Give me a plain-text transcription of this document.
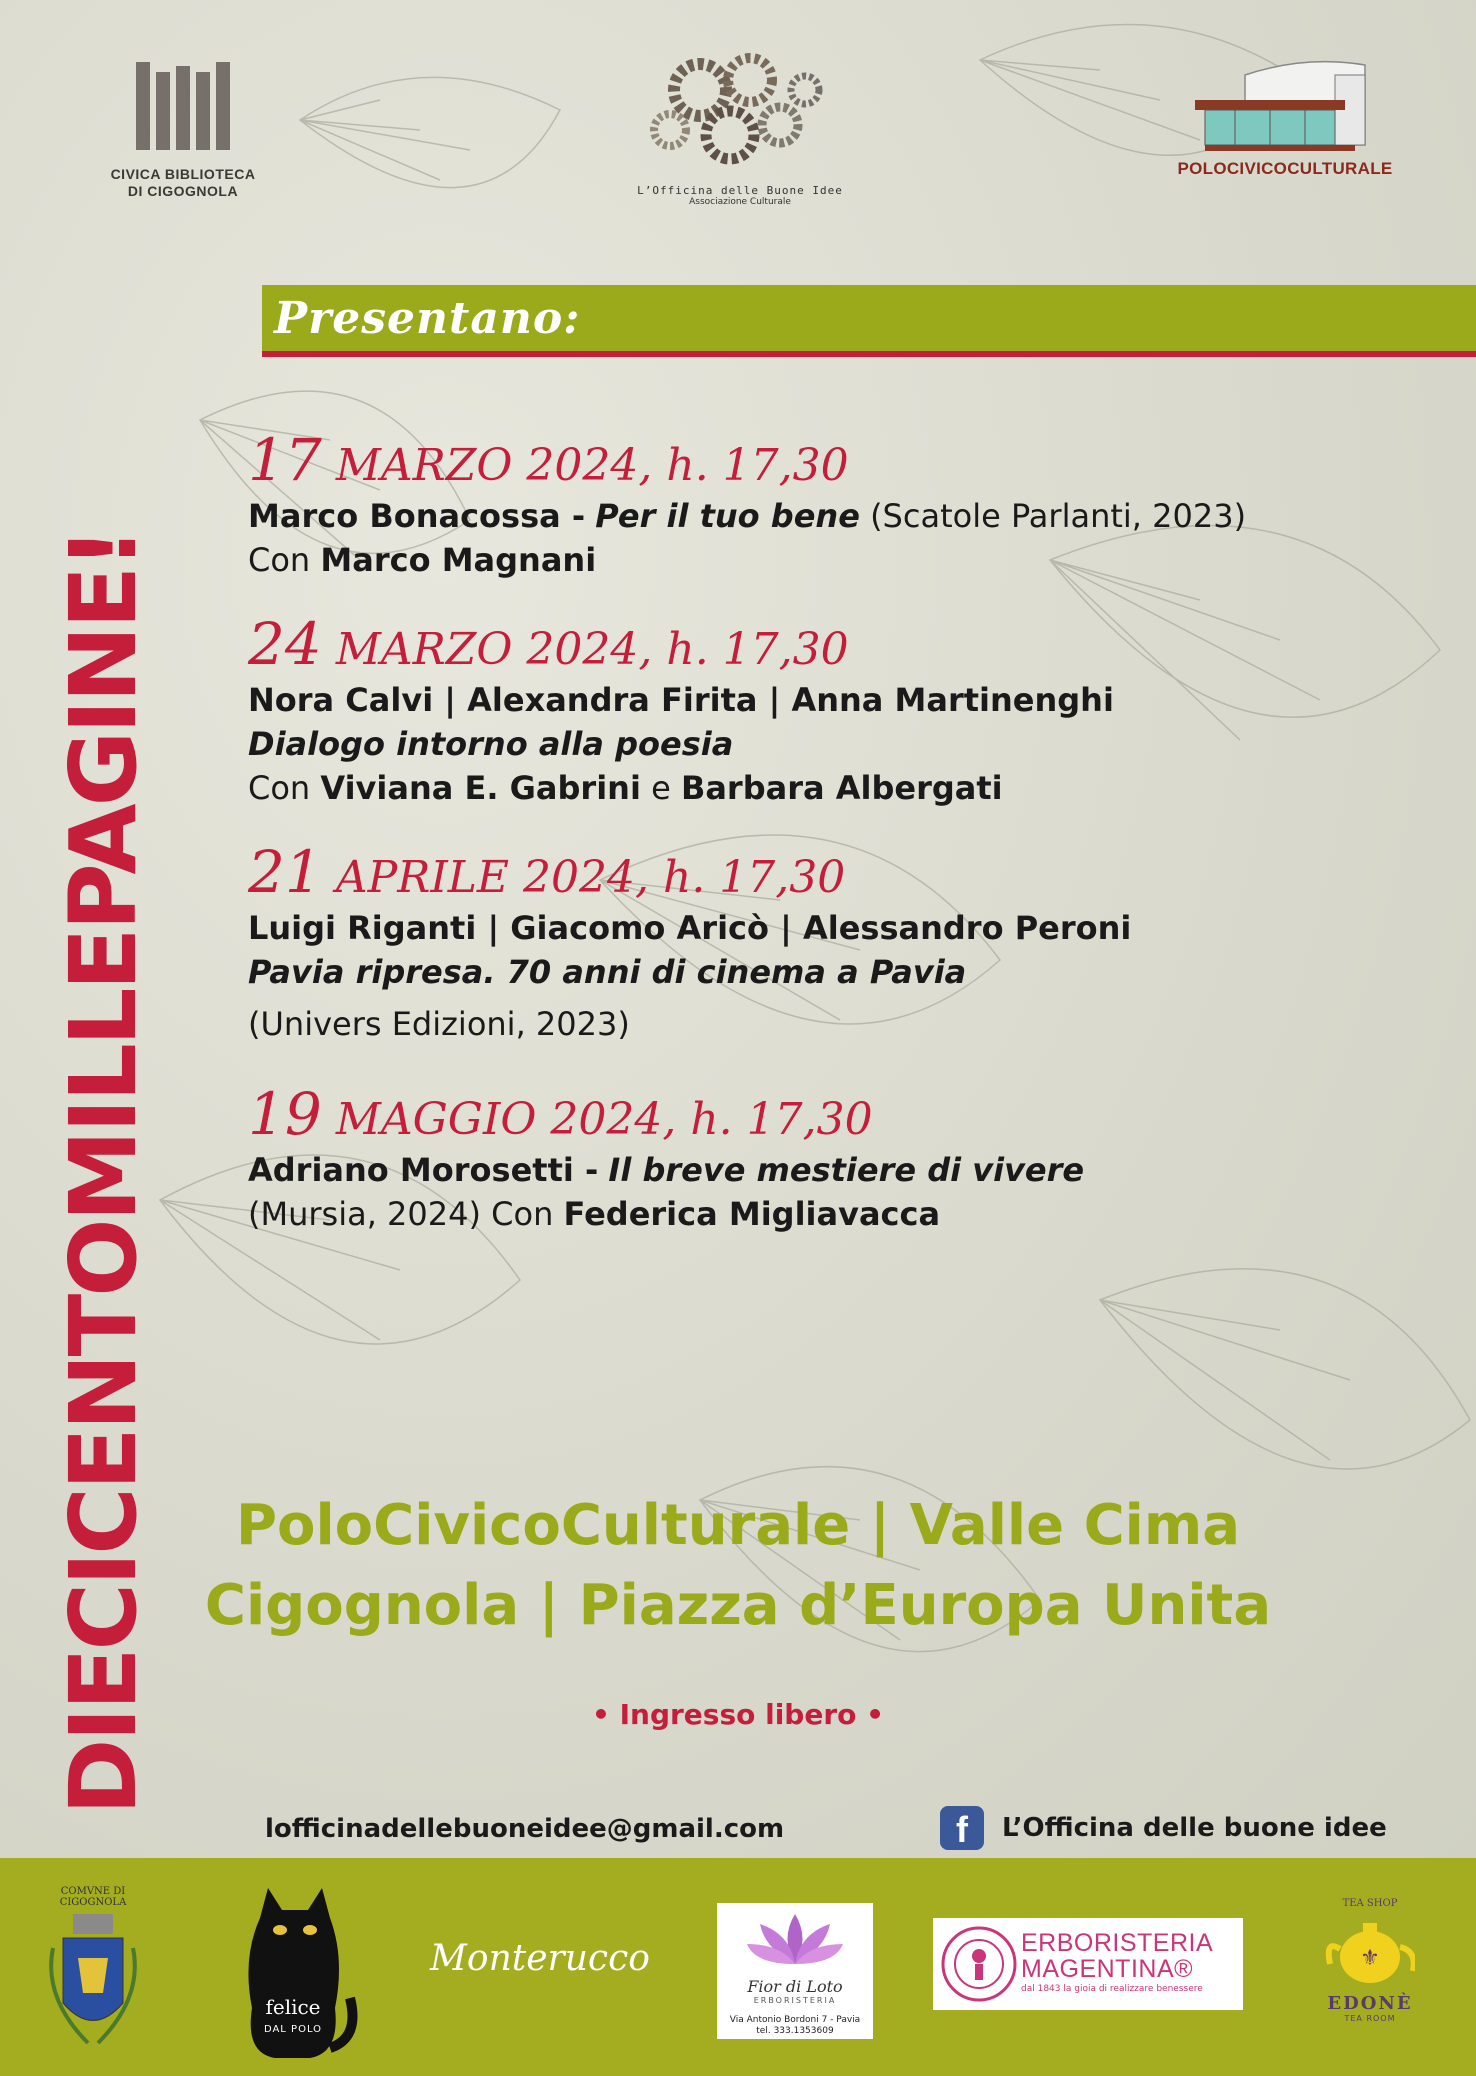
CIVICA BIBLIOTECA
DI CIGOGNOLA	L’Officina delle Buone Idee
Associazione Culturale
POLOCIVICOCULTURALE
DIECICENTOMILLEPAGINE!
Presentano:
17 MARZO 2024, h. 17,30
Marco Bonacossa - Per il tuo bene (Scatole Parlanti, 2023)
Con Marco Magnani
24 MARZO 2024, h. 17,30
Nora Calvi | Alexandra Firita | Anna Martinenghi
Dialogo intorno alla poesia
Con Viviana E. Gabrini e Barbara Albergati
21 APRILE 2024, h. 17,30
Luigi Riganti | Giacomo Aricò | Alessandro Peroni
Pavia ripresa. 70 anni di cinema a Pavia
(Univers Edizioni, 2023)
19 MAGGIO 2024, h. 17,30
Adriano Morosetti - Il breve mestiere di vivere
(Mursia, 2024) Con Federica Migliavacca
PoloCivicoCulturale | Valle Cima
Cigognola | Piazza d’Europa Unita
• Ingresso libero •
lofficinadellebuoneidee@gmail.com	f	L’Officina delle buone idee
COMVNE DI CIGOGNOLA
felice
DAL POLO
Monterucco
Fior di Loto
ERBORISTERIA
Via Antonio Bordoni 7 - Pavia
tel. 333.1353609
ERBORISTERIA
MAGENTINA®
dal 1843 la gioia di realizzare benessere
TEA SHOP
⚜
EDONÈ
TEA ROOM
